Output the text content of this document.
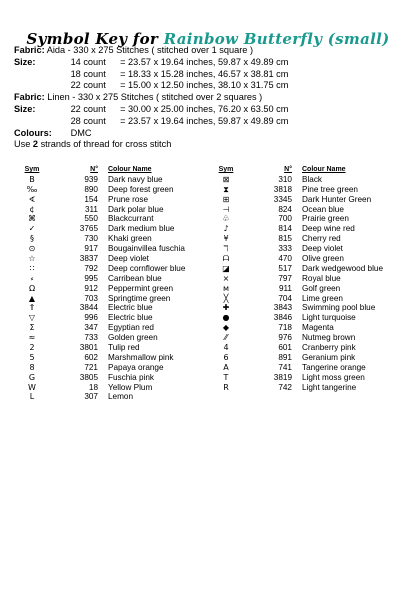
Symbol Key for Rainbow Butterfly (small)
Fabric: Aida - 330 x 275 Stitches ( stitched over 1 square )
Size:	14 count = 23.57 x 19.64 inches, 59.87 x 49.89 cm
18 count = 18.33 x 15.28 inches, 46.57 x 38.81 cm
22 count = 15.00 x 12.50 inches, 38.10 x 31.75 cm
Fabric: Linen - 330 x 275 Stitches ( stitched over 2 squares )
Size:	22 count = 30.00 x 25.00 inches, 76.20 x 63.50 cm
28 count = 23.57 x 19.64 inches, 59.87 x 49.89 cm
Colours: DMC
Use 2 strands of thread for cross stitch
Sym	N° Colour Name
B	939 Dark navy blue
‰	890 Deep forest green
∢	154 Prune rose
¢	311 Dark polar blue
⌘	550 Blackcurrant
✓	3765 Dark medium blue
§	730 Khaki green
⊙	917 Bougainvillea fuschia
☆	3837 Deep violet
∷	792 Deep cornflower blue
⸗	995 Carribean blue
Ω	912 Peppermint green
▲	703 Springtime green
⇑	3844 Electric blue
▽	996 Electric blue
Σ	347 Egyptian red
≈	733 Golden green
2	3801 Tulip red
5	602 Marshmallow pink
8	721 Papaya orange
G	3805 Fuschia pink
W	18 Yellow Plum
L	307 Lemon
Sym	N° Colour Name
⊠	310 Black
⧗	3818 Pine tree green
⊞	3345 Dark Hunter Green
⊣	824 Ocean blue
♧	700 Prairie green
♪	814 Deep wine red
¥	815 Cherry red
ℸ	333 Deep violet
ᗩ	470 Olive green
◪	517 Dark wedgewood blue
×	797 Royal blue
ᴍ	911 Golf green
╳	704 Lime green
✚	3843 Swimming pool blue
●	3846 Light turquoise
◆	718 Magenta
⁄⁄	976 Nutmeg brown
4	601 Cranberry pink
6	891 Geranium pink
A	741 Tangerine orange
T	3819 Light moss green
R	742 Light tangerine
